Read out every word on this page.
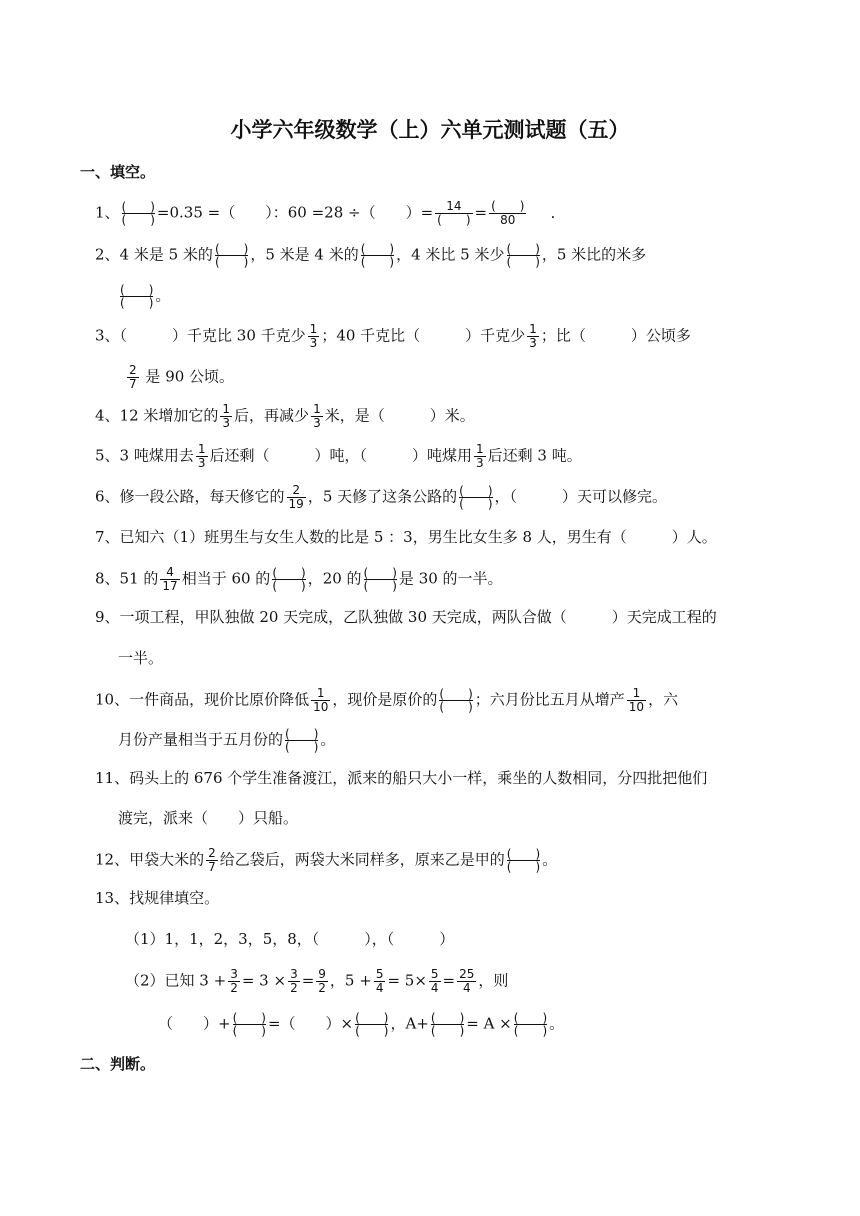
小学六年级数学（上）六单元测试题（五）
一、填空。
1、 (    ) (    ) =0.35 =（　　）：60 =28 ÷（　　）=	14
(  ) = (  )
80	.
2、4 米是 5 米的 (    ) (    ) ，5 米是 4 米的 (    ) (    ) ，4 米比 5 米少 (    ) (    ) ，5 米比的米多
(    )
(    )
。
3、（　　　）千克比 30 千克少 $\frac{1}{3}$ ；40 千克比（　　　）千克少 $\frac{1}{3}$ ；比（　　　）公顷多
$\frac{2}{7}$ 是 90 公顷。
4、12 米增加它的 $\frac{1}{3}$ 后，再减少 $\frac{1}{3}$ 米，是（　　　）米。
5、3 吨煤用去 $\frac{1}{3}$ 后还剩（　　　）吨，（　　　）吨煤用 $\frac{1}{3}$ 后还剩 3 吨。
6、修一段公路，每天修它的 $\frac{2}{19}$ ，5 天修了这条公路的 (    ) (    ) ，（　　　）天可以修完。
7、已知六（1）班男生与女生人数的比是 5 ：3，男生比女生多 8 人，男生有（　　　）人。
8、51 的 $\frac{4}{17}$ 相当于 60 的 (    ) (    ) ，20 的 (    ) (    ) 是 30 的一半。
9、一项工程，甲队独做 20 天完成，乙队独做 30 天完成，两队合做（　　　）天完成工程的
一半。
10、一件商品，现价比原价降低 $\frac{1}{10}$ ，现价是原价的 (    ) (    ) ；六月份比五月从增产 $\frac{1}{10}$ ，六
月份产量相当于五月份的 (    ) (    ) 。
11、码头上的 676 个学生准备渡江，派来的船只大小一样，乘坐的人数相同，分四批把他们
渡完，派来（　　）只船。
12、甲袋大米的 $\frac{2}{7}$ 给乙袋后，两袋大米同样多，原来乙是甲的 (    ) (    ) 。
13、找规律填空。
（1）1，1，2，3，5，8，（　　　），（　　　）
（2）已知 $3 + \frac{3}{2} = 3 \times \frac{3}{2} = \frac{9}{2}$ ，$5 + \frac{5}{4} = 5\times \frac{5}{4} = \frac{25}{4}$ ，则
（　　）+ (    ) (    ) =（　　）× (    ) (    ) ，A+ (    ) (    ) = A × (    ) (    ) 。
二、判断。
